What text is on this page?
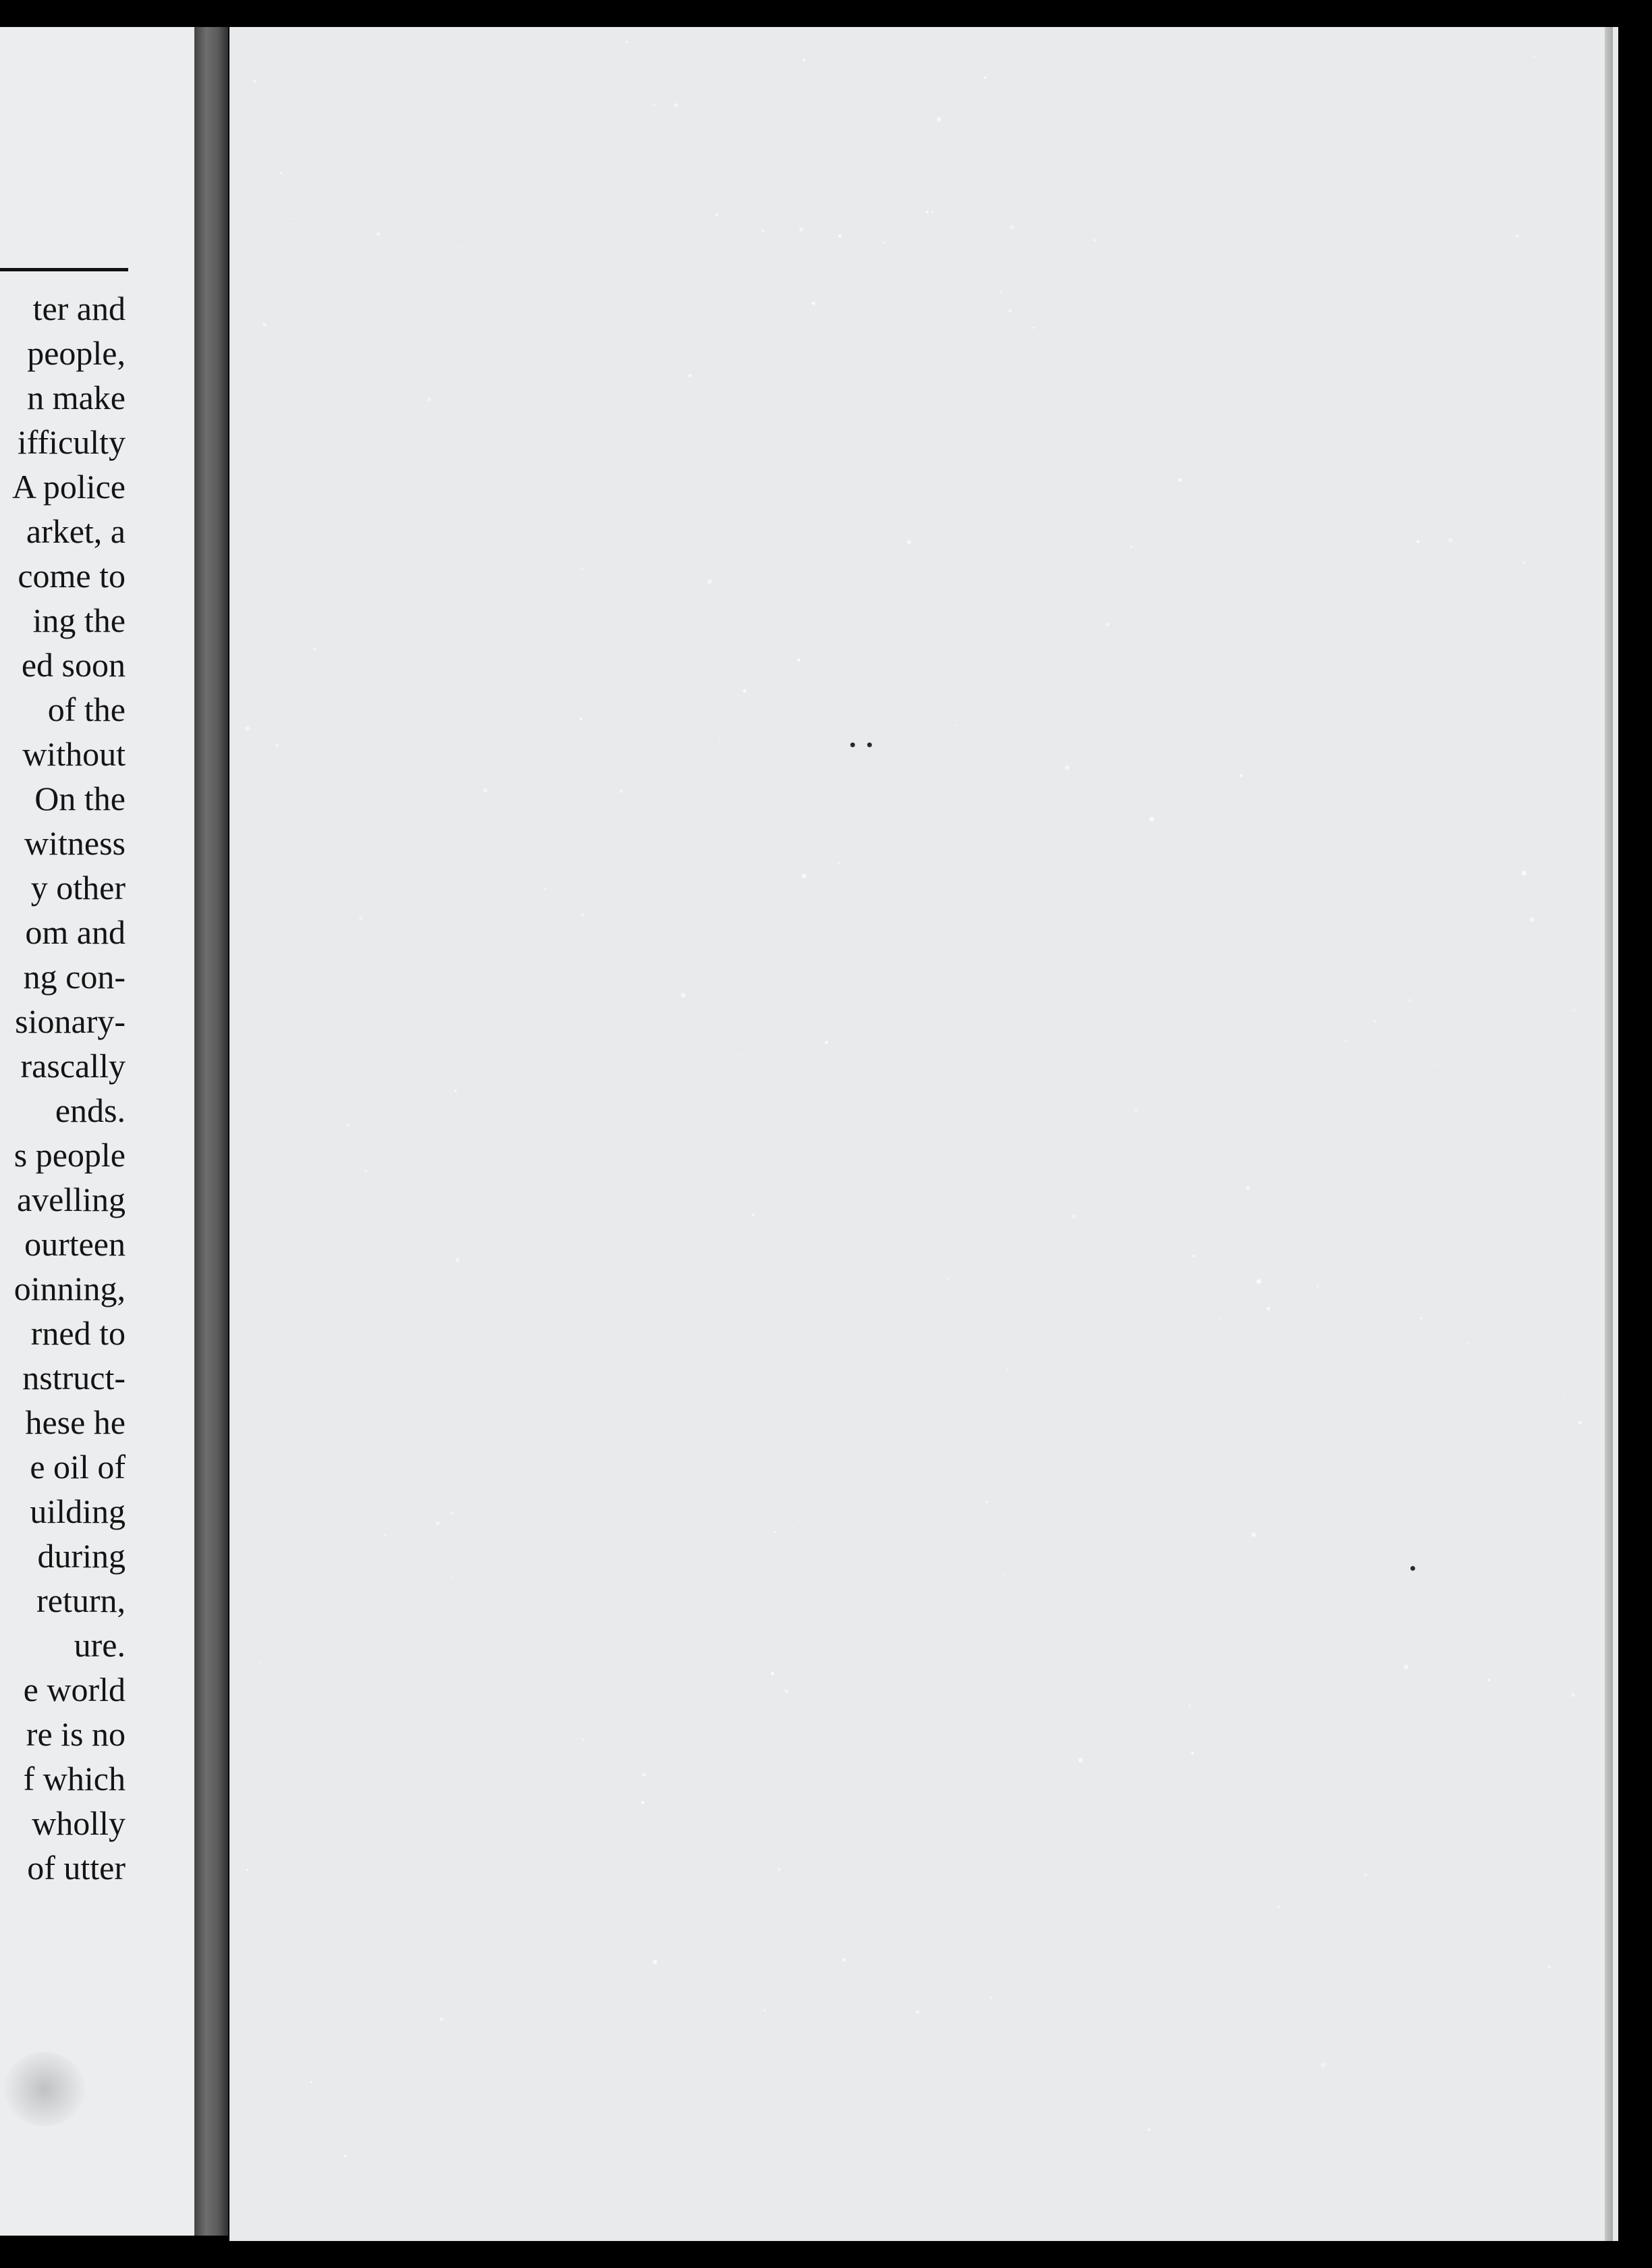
ter and
people,
n make
ifficulty
A police
arket, a
come to
ing the
ed soon
of the
without
On the
witness
y other
om and
ng con-
sionary-
rascally
ends.
s people
avelling
ourteen
oinning,
rned to
nstruct-
hese he
e oil of
uilding
during
return,
ure.
e world
re is no
f which
wholly
of utter
